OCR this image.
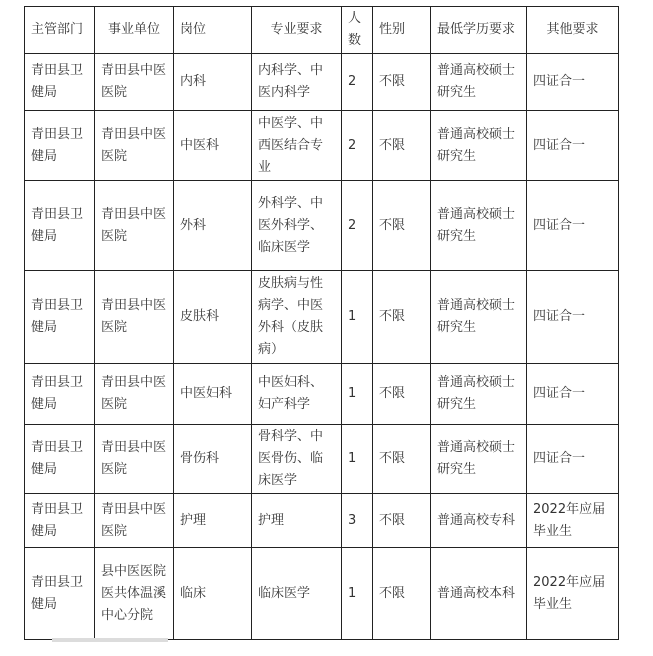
主管部门	事业单位	岗位	专业要求	人数	性别	最低学历要求	其他要求
青田县卫健局	青田县中医医院	内科	内科学、中医内科学	2	不限	普通高校硕士研究生	四证合一
青田县卫健局	青田县中医医院	中医科	中医学、中西医结合专业	2	不限	普通高校硕士研究生	四证合一
青田县卫健局	青田县中医医院	外科	外科学、中医外科学、 临床医学	2	不限	普通高校硕士研究生	四证合一
青田县卫健局	青田县中医医院	皮肤科	皮肤病与性病学、中医外科（皮肤病）	1	不限	普通高校硕士研究生	四证合一
青田县卫健局	青田县中医医院	中医妇科	中医妇科、妇产科学	1	不限	普通高校硕士研究生	四证合一
青田县卫健局	青田县中医医院	骨伤科	骨科学、中医骨伤、临床医学	1	不限	普通高校硕士研究生	四证合一
青田县卫健局	青田县中医医院	护理	护理	3	不限	普通高校专科	2022年应届毕业生
青田县卫健局	县中医医院医共体温溪中心分院	临床	临床医学	1	不限	普通高校本科	2022年应届毕业生
